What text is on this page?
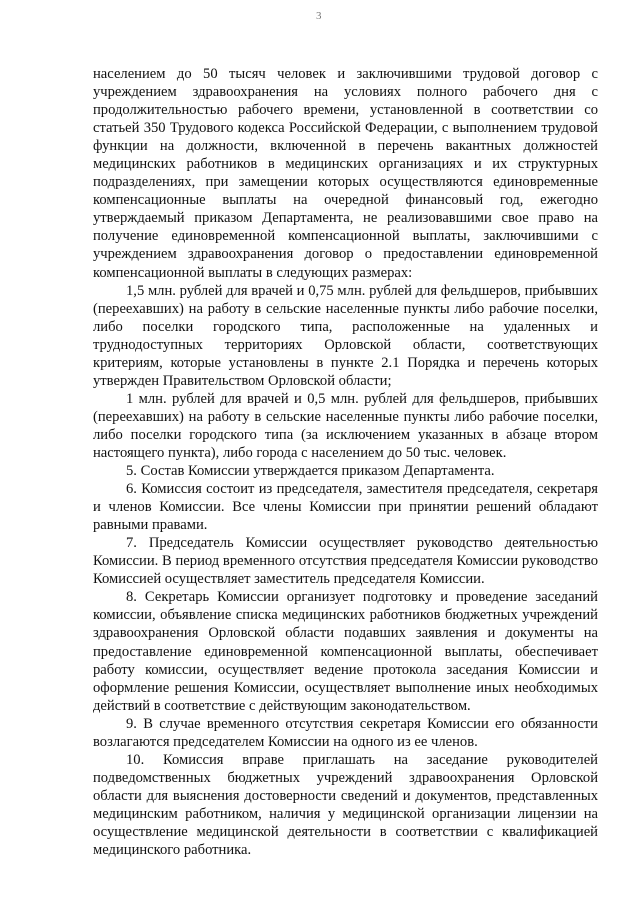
3

населением до 50 тысяч человек и заключившими трудовой договор с учреждением здравоохранения на условиях полного рабочего дня с продолжительностью рабочего времени, установленной в соответствии со статьей 350 Трудового кодекса Российской Федерации, с выполнением трудовой функции на должности, включенной в перечень вакантных должностей медицинских работников в медицинских организациях и их структурных подразделениях, при замещении которых осуществляются единовременные компенсационные выплаты на очередной финансовый год, ежегодно утверждаемый приказом Департамента, не реализовавшими свое право на получение единовременной компенсационной выплаты, заключившими с учреждением здравоохранения договор о предоставлении единовременной компенсационной выплаты в следующих размерах:

1,5 млн. рублей для врачей и 0,75 млн. рублей для фельдшеров, прибывших (переехавших) на работу в сельские населенные пункты либо рабочие поселки, либо поселки городского типа, расположенные на удаленных и труднодоступных территориях Орловской области, соответствующих критериям, которые установлены в пункте 2.1 Порядка и перечень которых утвержден Правительством Орловской области;

1 млн. рублей для врачей и 0,5 млн. рублей для фельдшеров, прибывших (переехавших) на работу в сельские населенные пункты либо рабочие поселки, либо поселки городского типа (за исключением указанных в абзаце втором настоящего пункта), либо города с населением до 50 тыс. человек.

5. Состав Комиссии утверждается приказом Департамента.

6. Комиссия состоит из председателя, заместителя председателя, секретаря и членов Комиссии. Все члены Комиссии при принятии решений обладают равными правами.

7. Председатель Комиссии осуществляет руководство деятельностью Комиссии. В период временного отсутствия председателя Комиссии руководство Комиссией осуществляет заместитель председателя Комиссии.

8. Секретарь Комиссии организует подготовку и проведение заседаний комиссии, объявление списка медицинских работников бюджетных учреждений здравоохранения Орловской области подавших заявления и документы на предоставление единовременной компенсационной выплаты, обеспечивает работу комиссии, осуществляет ведение протокола заседания Комиссии и оформление решения Комиссии, осуществляет выполнение иных необходимых действий в соответствие с действующим законодательством.

9. В случае временного отсутствия секретаря Комиссии его обязанности возлагаются председателем Комиссии на одного из ее членов.

10. Комиссия вправе приглашать на заседание руководителей подведомственных бюджетных учреждений здравоохранения Орловской области для выяснения достоверности сведений и документов, представленных медицинским работником, наличия у медицинской организации лицензии на осуществление медицинской деятельности в соответствии с квалификацией медицинского работника.
